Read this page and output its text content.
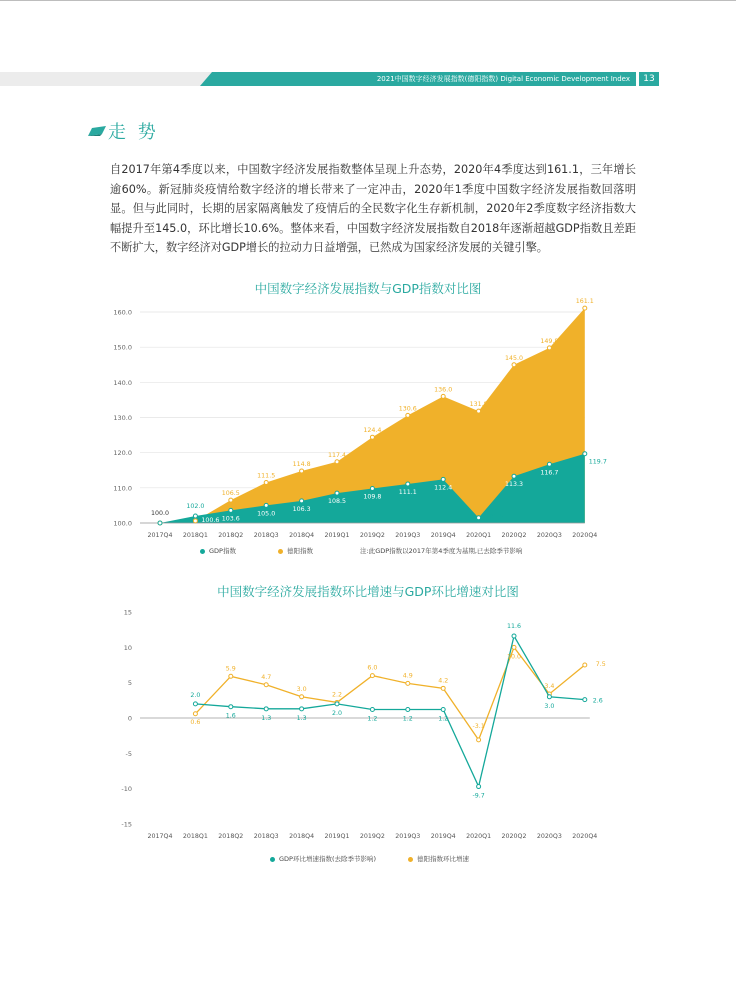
2021中国数字经济发展指数(德阳指数) Digital Economic Development Index	13
走 势
自2017年第4季度以来，中国数字经济发展指数整体呈现上升态势，2020年4季度达到161.1，三年增长逾60%。新冠肺炎疫情给数字经济的增长带来了一定冲击，2020年1季度中国数字经济发展指数回落明显。但与此同时，长期的居家隔离触发了疫情后的全民数字化生存新机制，2020年2季度数字经济指数大幅提升至145.0，环比增长10.6%。整体来看，中国数字经济发展指数自2018年逐渐超越GDP指数且差距不断扩大，数字经济对GDP增长的拉动力日益增强，已然成为国家经济发展的关键引擎。
中国数字经济发展指数与GDP指数对比图
100.0
110.0
120.0
130.0
140.0
150.0
160.0
100.6
106.5
111.5
114.8
117.4
124.4
130.6
136.0
131.8
145.0
149.8
161.1
100.0
102.0
103.6
105.0
106.3
108.5
109.8
111.1
112.4
101.5
113.3
116.7
119.7
2017Q4 2018Q1 2018Q2 2018Q3 2018Q4 2019Q1 2019Q2 2019Q3 2019Q4 2020Q1 2020Q2 2020Q3 2020Q4
GDP指数	德阳指数	注:此GDP指数以2017年第4季度为基期,已去除季节影响
中国数字经济发展指数环比增速与GDP环比增速对比图
-15
-10
-5
0
5
10
15
0.6
5.9
4.7
3.0
2.2
6.0
4.9
4.2
-3.1
10.0
3.4
7.5
2.0
1.6	1.3	1.3
2.0
1.2	1.2	1.2
-9.7
11.6
3.0
2.6
2017Q4 2018Q1 2018Q2 2018Q3 2018Q4 2019Q1 2019Q2 2019Q3 2019Q4 2020Q1 2020Q2 2020Q3 2020Q4
GDP环比增速指数(去除季节影响)	德阳指数环比增速
